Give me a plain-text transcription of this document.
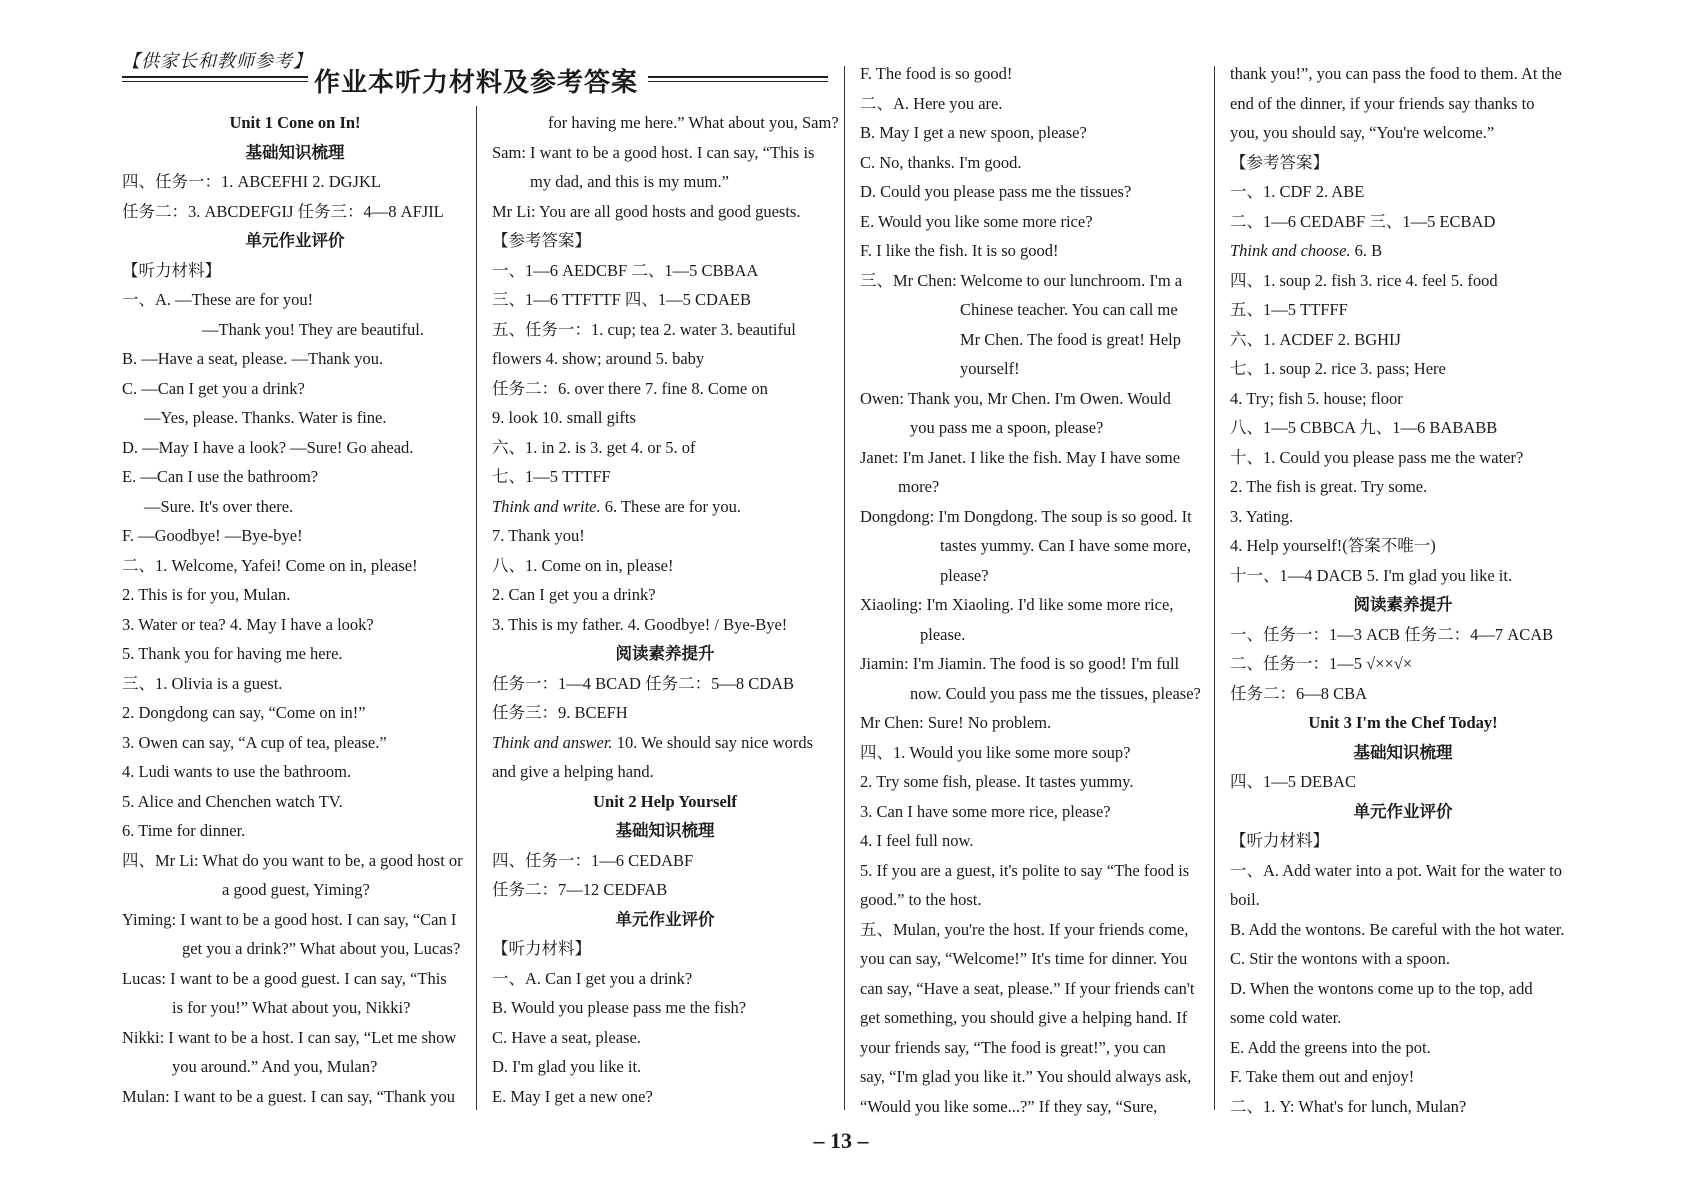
【供家长和教师参考】
作业本听力材料及参考答案
Unit 1 Cone on In!
基础知识梳理
四、任务一：1. ABCEFHI 2. DGJKL
任务二：3. ABCDEFGIJ 任务三：4—8 AFJIL
单元作业评价
【听力材料】
一、A. —These are for you!
—Thank you! They are beautiful.
B. —Have a seat, please. —Thank you.
C. —Can I get you a drink?
—Yes, please. Thanks. Water is fine.
D. —May I have a look? —Sure! Go ahead.
E. —Can I use the bathroom?
—Sure. It's over there.
F. —Goodbye! —Bye-bye!
二、1. Welcome, Yafei! Come on in, please!
2. This is for you, Mulan.
3. Water or tea? 4. May I have a look?
5. Thank you for having me here.
三、1. Olivia is a guest.
2. Dongdong can say, “Come on in!”
3. Owen can say, “A cup of tea, please.”
4. Ludi wants to use the bathroom.
5. Alice and Chenchen watch TV.
6. Time for dinner.
四、Mr Li: What do you want to be, a good host or
a good guest, Yiming?
Yiming: I want to be a good host. I can say, “Can I
get you a drink?” What about you, Lucas?
Lucas: I want to be a good guest. I can say, “This
is for you!” What about you, Nikki?
Nikki: I want to be a host. I can say, “Let me show
you around.” And you, Mulan?
Mulan: I want to be a guest. I can say, “Thank you
for having me here.” What about you, Sam?
Sam: I want to be a good host. I can say, “This is
my dad, and this is my mum.”
Mr Li: You are all good hosts and good guests.
【参考答案】
一、1—6 AEDCBF 二、1—5 CBBAA
三、1—6 TTFTTF 四、1—5 CDAEB
五、任务一：1. cup; tea 2. water 3. beautiful
flowers 4. show; around 5. baby
任务二：6. over there 7. fine 8. Come on
9. look 10. small gifts
六、1. in 2. is 3. get 4. or 5. of
七、1—5 TTTFF
Think and write. 6. These are for you.
7. Thank you!
八、1. Come on in, please!
2. Can I get you a drink?
3. This is my father. 4. Goodbye! / Bye-Bye!
阅读素养提升
任务一：1—4 BCAD 任务二：5—8 CDAB
任务三：9. BCEFH
Think and answer. 10. We should say nice words
and give a helping hand.
Unit 2 Help Yourself
基础知识梳理
四、任务一：1—6 CEDABF
任务二：7—12 CEDFAB
单元作业评价
【听力材料】
一、A. Can I get you a drink?
B. Would you please pass me the fish?
C. Have a seat, please.
D. I'm glad you like it.
E. May I get a new one?
F. The food is so good!
二、A. Here you are.
B. May I get a new spoon, please?
C. No, thanks. I'm good.
D. Could you please pass me the tissues?
E. Would you like some more rice?
F. I like the fish. It is so good!
三、Mr Chen: Welcome to our lunchroom. I'm a
Chinese teacher. You can call me
Mr Chen. The food is great! Help
yourself!
Owen: Thank you, Mr Chen. I'm Owen. Would
you pass me a spoon, please?
Janet: I'm Janet. I like the fish. May I have some
more?
Dongdong: I'm Dongdong. The soup is so good. It
tastes yummy. Can I have some more,
please?
Xiaoling: I'm Xiaoling. I'd like some more rice,
please.
Jiamin: I'm Jiamin. The food is so good! I'm full
now. Could you pass me the tissues, please?
Mr Chen: Sure! No problem.
四、1. Would you like some more soup?
2. Try some fish, please. It tastes yummy.
3. Can I have some more rice, please?
4. I feel full now.
5. If you are a guest, it's polite to say “The food is
good.” to the host.
五、Mulan, you're the host. If your friends come,
you can say, “Welcome!” It's time for dinner. You
can say, “Have a seat, please.” If your friends can't
get something, you should give a helping hand. If
your friends say, “The food is great!”, you can
say, “I'm glad you like it.” You should always ask,
“Would you like some...?” If they say, “Sure,
thank you!”, you can pass the food to them. At the
end of the dinner, if your friends say thanks to
you, you should say, “You're welcome.”
【参考答案】
一、1. CDF 2. ABE
二、1—6 CEDABF 三、1—5 ECBAD
Think and choose. 6. B
四、1. soup 2. fish 3. rice 4. feel 5. food
五、1—5 TTFFF
六、1. ACDEF 2. BGHIJ
七、1. soup 2. rice 3. pass; Here
4. Try; fish 5. house; floor
八、1—5 CBBCA 九、1—6 BABABB
十、1. Could you please pass me the water?
2. The fish is great. Try some.
3. Yating.
4. Help yourself!(答案不唯一)
十一、1—4 DACB 5. I'm glad you like it.
阅读素养提升
一、任务一：1—3 ACB 任务二：4—7 ACAB
二、任务一：1—5 √××√×
任务二：6—8 CBA
Unit 3 I'm the Chef Today!
基础知识梳理
四、1—5 DEBAC
单元作业评价
【听力材料】
一、A. Add water into a pot. Wait for the water to
boil.
B. Add the wontons. Be careful with the hot water.
C. Stir the wontons with a spoon.
D. When the wontons come up to the top, add
some cold water.
E. Add the greens into the pot.
F. Take them out and enjoy!
二、1. Y: What's for lunch, Mulan?
– 13 –
